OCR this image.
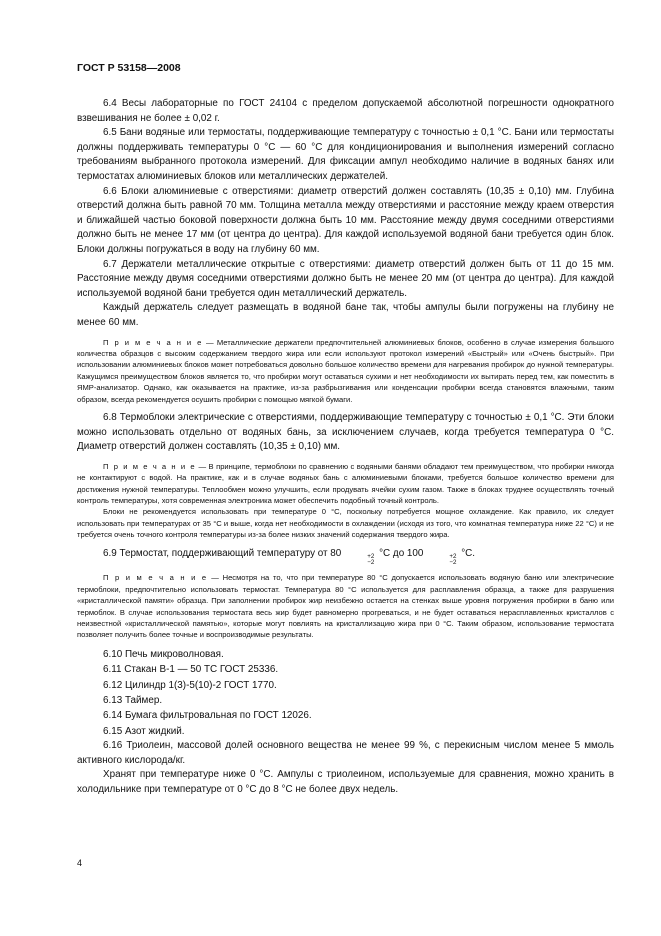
ГОСТ Р 53158—2008

6.4 Весы лабораторные по ГОСТ 24104 с пределом допускаемой абсолютной погрешности однократного взвешивания не более ± 0,02 г.

6.5 Бани водяные или термостаты, поддерживающие температуру с точностью ± 0,1 °С. Бани или термостаты должны поддерживать температуры 0 °С — 60 °С для кондиционирования и выполнения измерений согласно требованиям выбранного протокола измерений. Для фиксации ампул необходимо наличие в водяных банях или термостатах алюминиевых блоков или металлических держателей.

6.6 Блоки алюминиевые с отверстиями: диаметр отверстий должен составлять (10,35 ± 0,10) мм. Глубина отверстий должна быть равной 70 мм. Толщина металла между отверстиями и расстояние между краем отверстия и ближайшей частью боковой поверхности должна быть 10 мм. Расстояние между двумя соседними отверстиями должно быть не менее 17 мм (от центра до центра). Для каждой используемой водяной бани требуется один блок. Блоки должны погружаться в воду на глубину 60 мм.

6.7 Держатели металлические открытые с отверстиями: диаметр отверстий должен быть от 11 до 15 мм. Расстояние между двумя соседними отверстиями должно быть не менее 20 мм (от центра до центра). Для каждой используемой водяной бани требуется один металлический держатель.

Каждый держатель следует размещать в водяной бане так, чтобы ампулы были погружены на глубину не менее 60 мм.

П р и м е ч а н и е — Металлические держатели предпочтительней алюминиевых блоков, особенно в случае измерения большого количества образцов с высоким содержанием твердого жира или если используют протокол измерений «Быстрый» или «Очень быстрый». При использовании алюминиевых блоков может потребоваться довольно большое количество времени для нагревания пробирок до нужной температуры. Кажущимся преимуществом блоков является то, что пробирки могут оставаться сухими и нет необходимости их вытирать перед тем, как поместить в ЯМР-анализатор. Однако, как оказывается на практике, из-за разбрызгивания или конденсации пробирки всегда становятся влажными, таким образом, всегда рекомендуется осушить пробирки с помощью мягкой бумаги.

6.8 Термоблоки электрические с отверстиями, поддерживающие температуру с точностью ± 0,1 °С. Эти блоки можно использовать отдельно от водяных бань, за исключением случаев, когда требуется температура 0 °С. Диаметр отверстий должен составлять (10,35 ± 0,10) мм.

П р и м е ч а н и е — В принципе, термоблоки по сравнению с водяными банями обладают тем преимуществом, что пробирки никогда не контактируют с водой. На практике, как и в случае водяных бань с алюминиевыми блоками, требуется большое количество времени для достижения нужной температуры. Теплообмен можно улучшить, если продувать ячейки сухим газом. Также в блоках труднее осуществлять точный контроль температуры, хотя современная электроника может обеспечить подобный точный контроль.

Блоки не рекомендуется использовать при температуре 0 °С, поскольку потребуется мощное охлаждение. Как правило, их следует использовать при температурах от 35 °С и выше, когда нет необходимости в охлаждении (исходя из того, что комнатная температура ниже 22 °С) и не требуется очень точного контроля температуры из-за более низких значений содержания твердого жира.

6.9 Термостат, поддерживающий температуру от 80	+2
−2
°С до 100	+2
−2
°С.

П р и м е ч а н и е — Несмотря на то, что при температуре 80 °С допускается использовать водяную баню или электрические термоблоки, предпочтительно использовать термостат. Температура 80 °С используется для расплавления образца, а также для разрушения «кристаллической памяти» образца. При заполнении пробирок жир неизбежно остается на стенках выше уровня погружения пробирки в баню или термоблок. В случае использования термостата весь жир будет равномерно прогреваться, и не будет оставаться нерасплавленных кристаллов с неизвестной «кристаллической памятью», которые могут повлиять на кристаллизацию жира при 0 °С. Таким образом, использование термостата позволяет получить более точные и воспроизводимые результаты.

6.10 Печь микроволновая.
6.11 Стакан В-1 — 50 ТС ГОСТ 25336.
6.12 Цилиндр 1(3)-5(10)-2 ГОСТ 1770.
6.13 Таймер.
6.14 Бумага фильтровальная по ГОСТ 12026.
6.15 Азот жидкий.

6.16 Триолеин, массовой долей основного вещества не менее 99 %, с перекисным числом менее 5 ммоль активного кислорода/кг.

Хранят при температуре ниже 0 °С. Ампулы с триолеином, используемые для сравнения, можно хранить в холодильнике при температуре от 0 °С до 8 °С не более двух недель.

4
